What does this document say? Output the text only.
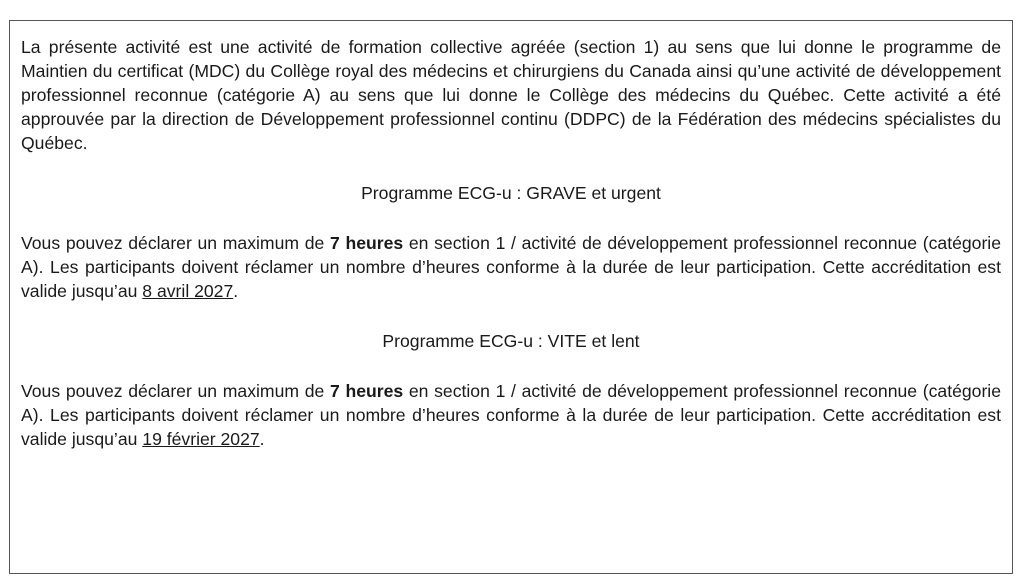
La présente activité est une activité de formation collective agréée (section 1) au sens que lui donne le programme de Maintien du certificat (MDC) du Collège royal des médecins et chirurgiens du Canada ainsi qu’une activité de développement professionnel reconnue (catégorie A) au sens que lui donne le Collège des médecins du Québec. Cette activité a été approuvée par la direction de Développement professionnel continu (DDPC) de la Fédération des médecins spécialistes du Québec.

Programme ECG-u : GRAVE et urgent

Vous pouvez déclarer un maximum de 7 heures en section 1 / activité de développement professionnel reconnue (catégorie A). Les participants doivent réclamer un nombre d’heures conforme à la durée de leur participation. Cette accréditation est valide jusqu’au 8 avril 2027.

Programme ECG-u : VITE et lent

Vous pouvez déclarer un maximum de 7 heures en section 1 / activité de développement professionnel reconnue (catégorie A). Les participants doivent réclamer un nombre d’heures conforme à la durée de leur participation. Cette accréditation est valide jusqu’au 19 février 2027.
